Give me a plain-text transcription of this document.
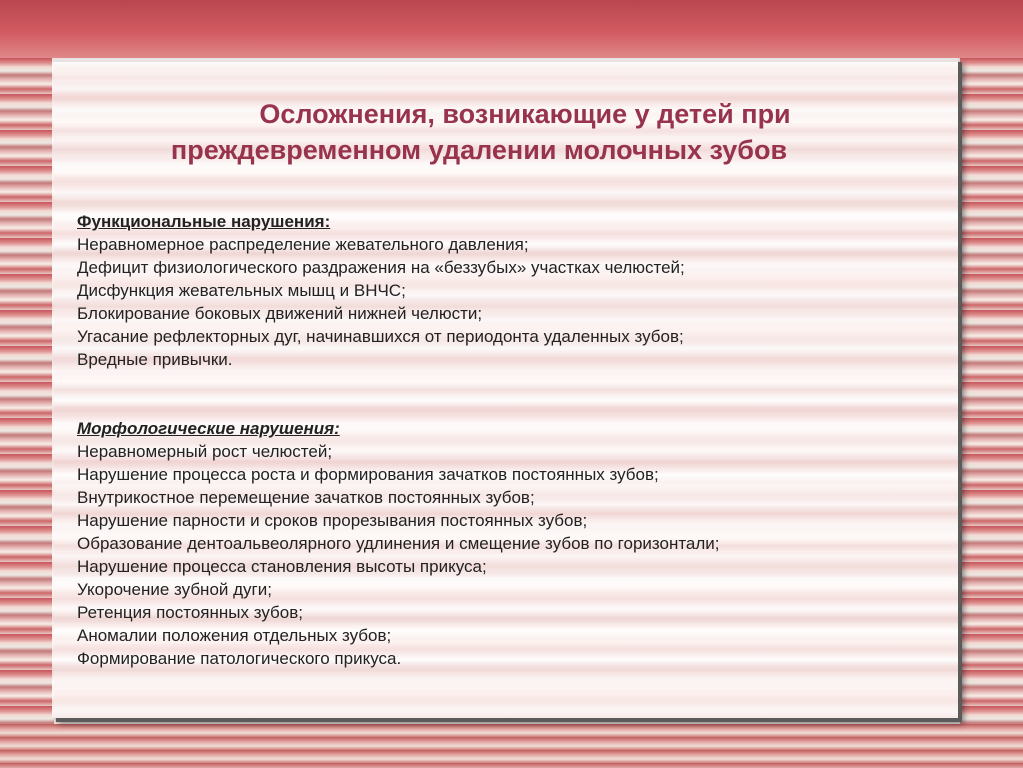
Осложнения, возникающие у детей при
преждевременном удалении молочных зубов
Функциональные нарушения:
Неравномерное распределение жевательного давления;
Дефицит физиологического раздражения на «беззубых» участках челюстей;
Дисфункция жевательных мышц и ВНЧС;
Блокирование боковых движений нижней челюсти;
Угасание рефлекторных дуг, начинавшихся от периодонта удаленных зубов;
Вредные привычки.
Морфологические нарушения:
Неравномерный рост челюстей;
Нарушение процесса роста и формирования зачатков постоянных зубов;
Внутрикостное перемещение зачатков постоянных зубов;
Нарушение парности и сроков прорезывания постоянных зубов;
Образование дентоальвеолярного удлинения и смещение зубов по горизонтали;
Нарушение процесса становления высоты прикуса;
Укорочение зубной дуги;
Ретенция постоянных зубов;
Аномалии положения отдельных зубов;
Формирование патологического прикуса.
